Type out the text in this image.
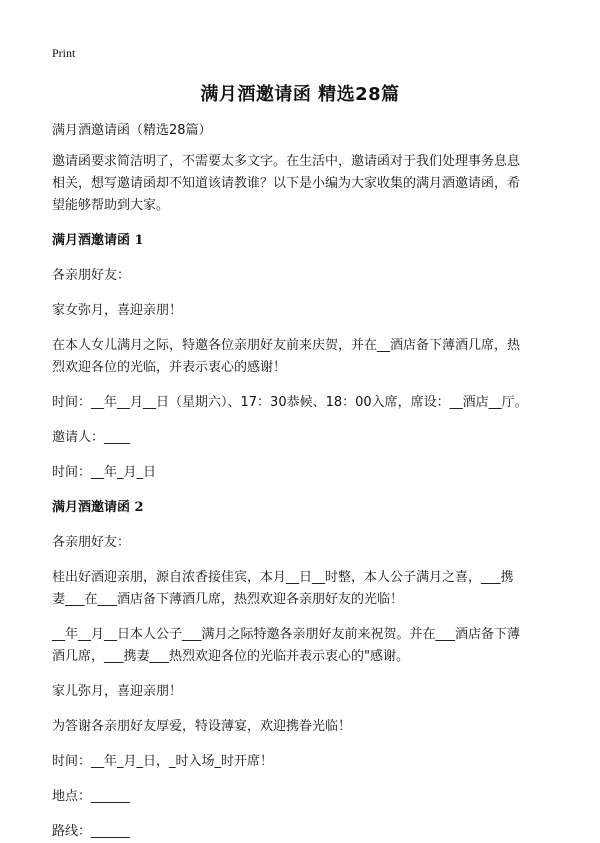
Print
满月酒邀请函 精选28篇

满月酒邀请函（精选28篇）

邀请函要求简洁明了，不需要太多文字。在生活中，邀请函对于我们处理事务息息

相关，想写邀请函却不知道该请教谁？以下是小编为大家收集的满月酒邀请函，希

望能够帮助到大家。

满月酒邀请函 1

各亲朋好友：

家女弥月，喜迎亲朋！

在本人女儿满月之际，特邀各位亲朋好友前来庆贺，并在__酒店备下薄酒几席，热

烈欢迎各位的光临，并表示衷心的感谢！

时间：__年__月__日（星期六）、17：30恭候、18：00入席，席设：__酒店__厅。

邀请人：____

时间：__年_月_日

满月酒邀请函 2

各亲朋好友：

桂出好酒迎亲朋，源自浓香接佳宾，本月__日__时整，本人公子满月之喜，___携

妻___在___酒店备下薄酒几席，热烈欢迎各亲朋好友的光临！

__年__月__日本人公子___满月之际特邀各亲朋好友前来祝贺。并在___酒店备下薄

酒几席，___携妻___热烈欢迎各位的光临并表示衷心的"感谢。

家儿弥月，喜迎亲朋！

为答谢各亲朋好友厚爱，特设薄宴，欢迎携眷光临！

时间：__年_月_日，_时入场_时开席！

地点：______

路线：______
